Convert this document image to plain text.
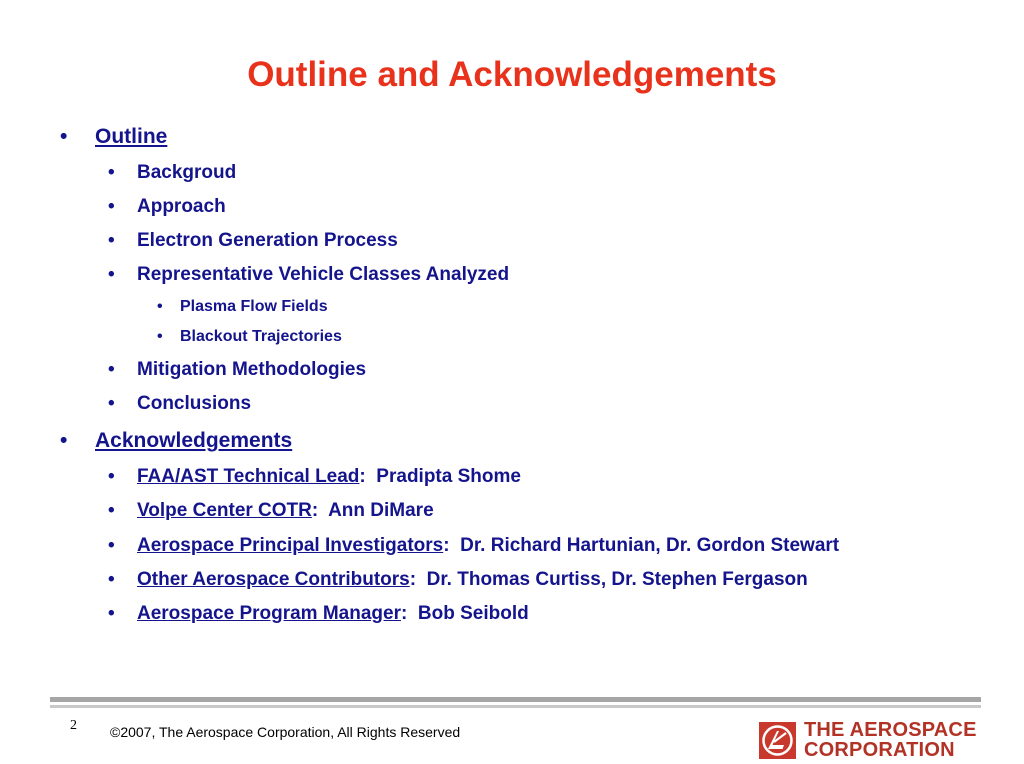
Outline and Acknowledgements
• Outline
• Backgroud
• Approach
• Electron Generation Process
• Representative Vehicle Classes Analyzed
• Plasma Flow Fields
• Blackout Trajectories
• Mitigation Methodologies
• Conclusions
• Acknowledgements
• FAA/AST Technical Lead:  Pradipta Shome
• Volpe Center COTR:  Ann DiMare
• Aerospace Principal Investigators:  Dr. Richard Hartunian, Dr. Gordon Stewart
• Other Aerospace Contributors:  Dr. Thomas Curtiss, Dr. Stephen Fergason
• Aerospace Program Manager:  Bob Seibold
2 ©2007, The Aerospace Corporation, All Rights Reserved	THE AEROSPACE
CORPORATION
